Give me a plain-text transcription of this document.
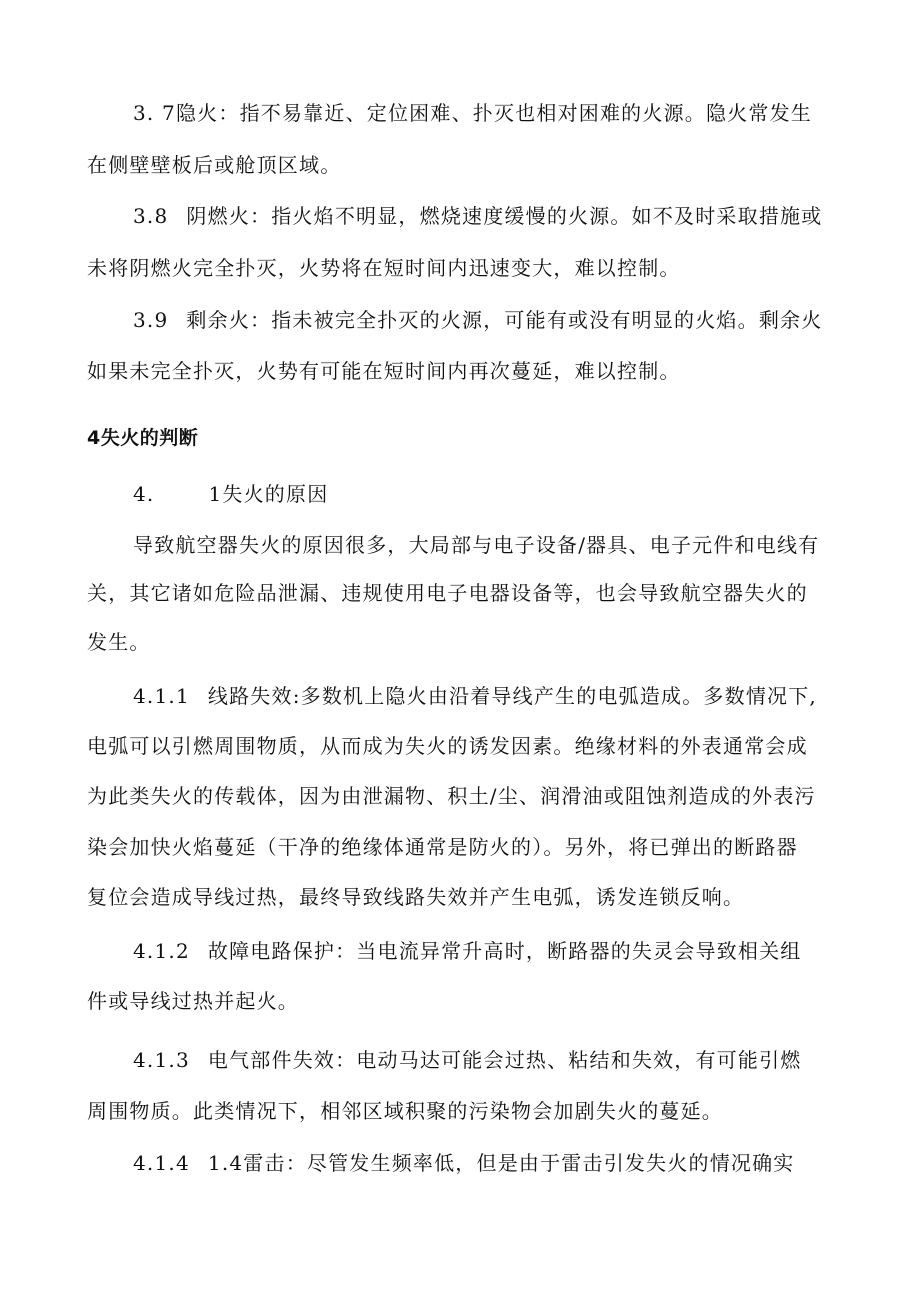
3. 7隐火：指不易靠近、定位困难、扑灭也相对困难的火源。隐火常发生
在侧壁壁板后或舱顶区域。
3.8 阴燃火：指火焰不明显，燃烧速度缓慢的火源。如不及时采取措施或
未将阴燃火完全扑灭，火势将在短时间内迅速变大，难以控制。
3.9 剩余火：指未被完全扑灭的火源，可能有或没有明显的火焰。剩余火
如果未完全扑灭，火势有可能在短时间内再次蔓延，难以控制。
4失火的判断
4.	1失火的原因
导致航空器失火的原因很多，大局部与电子设备/器具、电子元件和电线有
关，其它诸如危险品泄漏、违规使用电子电器设备等，也会导致航空器失火的
发生。
4.1.1 线路失效:多数机上隐火由沿着导线产生的电弧造成。多数情况下,
电弧可以引燃周围物质，从而成为失火的诱发因素。绝缘材料的外表通常会成
为此类失火的传载体，因为由泄漏物、积土/尘、润滑油或阻蚀剂造成的外表污
染会加快火焰蔓延（干净的绝缘体通常是防火的）。另外，将已弹出的断路器
复位会造成导线过热，最终导致线路失效并产生电弧，诱发连锁反响。
4.1.2 故障电路保护：当电流异常升高时，断路器的失灵会导致相关组
件或导线过热并起火。
4.1.3 电气部件失效：电动马达可能会过热、粘结和失效，有可能引燃
周围物质。此类情况下，相邻区域积聚的污染物会加剧失火的蔓延。
4.1.4 1.4雷击：尽管发生频率低，但是由于雷击引发失火的情况确实
